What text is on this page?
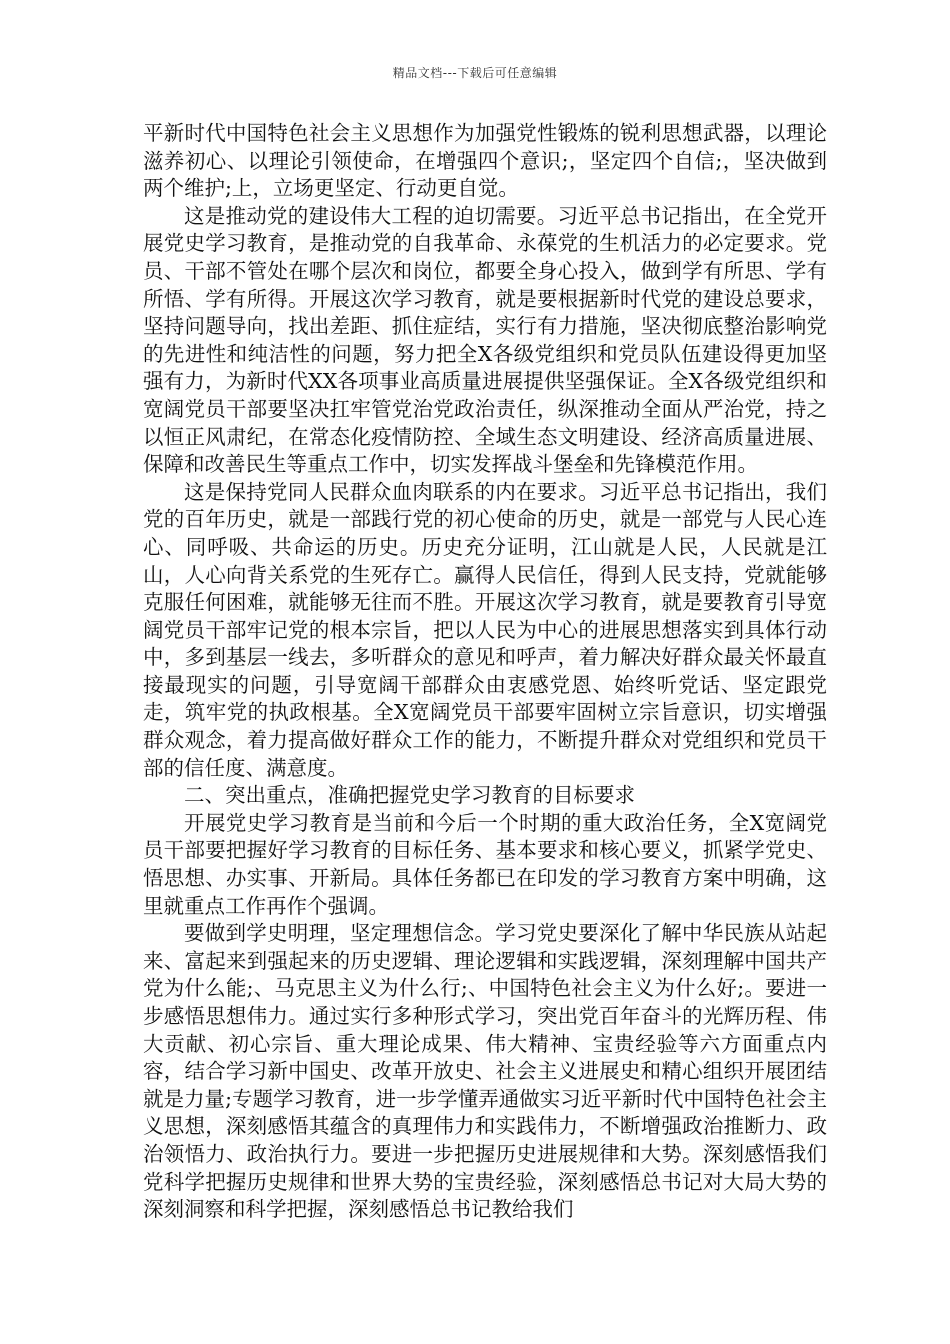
精品文档---下载后可任意编辑

平新时代中国特色社会主义思想作为加强党性锻炼的锐利思想武器，以理论滋养初心、以理论引领使命，在增强四个意识;，坚定四个自信;，坚决做到两个维护;上，立场更坚定、行动更自觉。

这是推动党的建设伟大工程的迫切需要。习近平总书记指出，在全党开展党史学习教育，是推动党的自我革命、永葆党的生机活力的必定要求。党员、干部不管处在哪个层次和岗位，都要全身心投入，做到学有所思、学有所悟、学有所得。开展这次学习教育，就是要根据新时代党的建设总要求，坚持问题导向，找出差距、抓住症结，实行有力措施，坚决彻底整治影响党的先进性和纯洁性的问题，努力把全X各级党组织和党员队伍建设得更加坚强有力，为新时代XX各项事业高质量进展提供坚强保证。全X各级党组织和宽阔党员干部要坚决扛牢管党治党政治责任，纵深推动全面从严治党，持之以恒正风肃纪，在常态化疫情防控、全域生态文明建设、经济高质量进展、保障和改善民生等重点工作中，切实发挥战斗堡垒和先锋模范作用。

这是保持党同人民群众血肉联系的内在要求。习近平总书记指出，我们党的百年历史，就是一部践行党的初心使命的历史，就是一部党与人民心连心、同呼吸、共命运的历史。历史充分证明，江山就是人民，人民就是江山，人心向背关系党的生死存亡。赢得人民信任，得到人民支持，党就能够克服任何困难，就能够无往而不胜。开展这次学习教育，就是要教育引导宽阔党员干部牢记党的根本宗旨，把以人民为中心的进展思想落实到具体行动中，多到基层一线去，多听群众的意见和呼声，着力解决好群众最关怀最直接最现实的问题，引导宽阔干部群众由衷感党恩、始终听党话、坚定跟党走，筑牢党的执政根基。全X宽阔党员干部要牢固树立宗旨意识，切实增强群众观念，着力提高做好群众工作的能力，不断提升群众对党组织和党员干部的信任度、满意度。

二、突出重点，准确把握党史学习教育的目标要求

开展党史学习教育是当前和今后一个时期的重大政治任务，全X宽阔党员干部要把握好学习教育的目标任务、基本要求和核心要义，抓紧学党史、悟思想、办实事、开新局。具体任务都已在印发的学习教育方案中明确，这里就重点工作再作个强调。

要做到学史明理，坚定理想信念。学习党史要深化了解中华民族从站起来、富起来到强起来的历史逻辑、理论逻辑和实践逻辑，深刻理解中国共产党为什么能;、马克思主义为什么行;、中国特色社会主义为什么好;。要进一步感悟思想伟力。通过实行多种形式学习，突出党百年奋斗的光辉历程、伟大贡献、初心宗旨、重大理论成果、伟大精神、宝贵经验等六方面重点内容，结合学习新中国史、改革开放史、社会主义进展史和精心组织开展团结就是力量;专题学习教育，进一步学懂弄通做实习近平新时代中国特色社会主义思想，深刻感悟其蕴含的真理伟力和实践伟力，不断增强政治推断力、政治领悟力、政治执行力。要进一步把握历史进展规律和大势。深刻感悟我们党科学把握历史规律和世界大势的宝贵经验，深刻感悟总书记对大局大势的深刻洞察和科学把握，深刻感悟总书记教给我们
